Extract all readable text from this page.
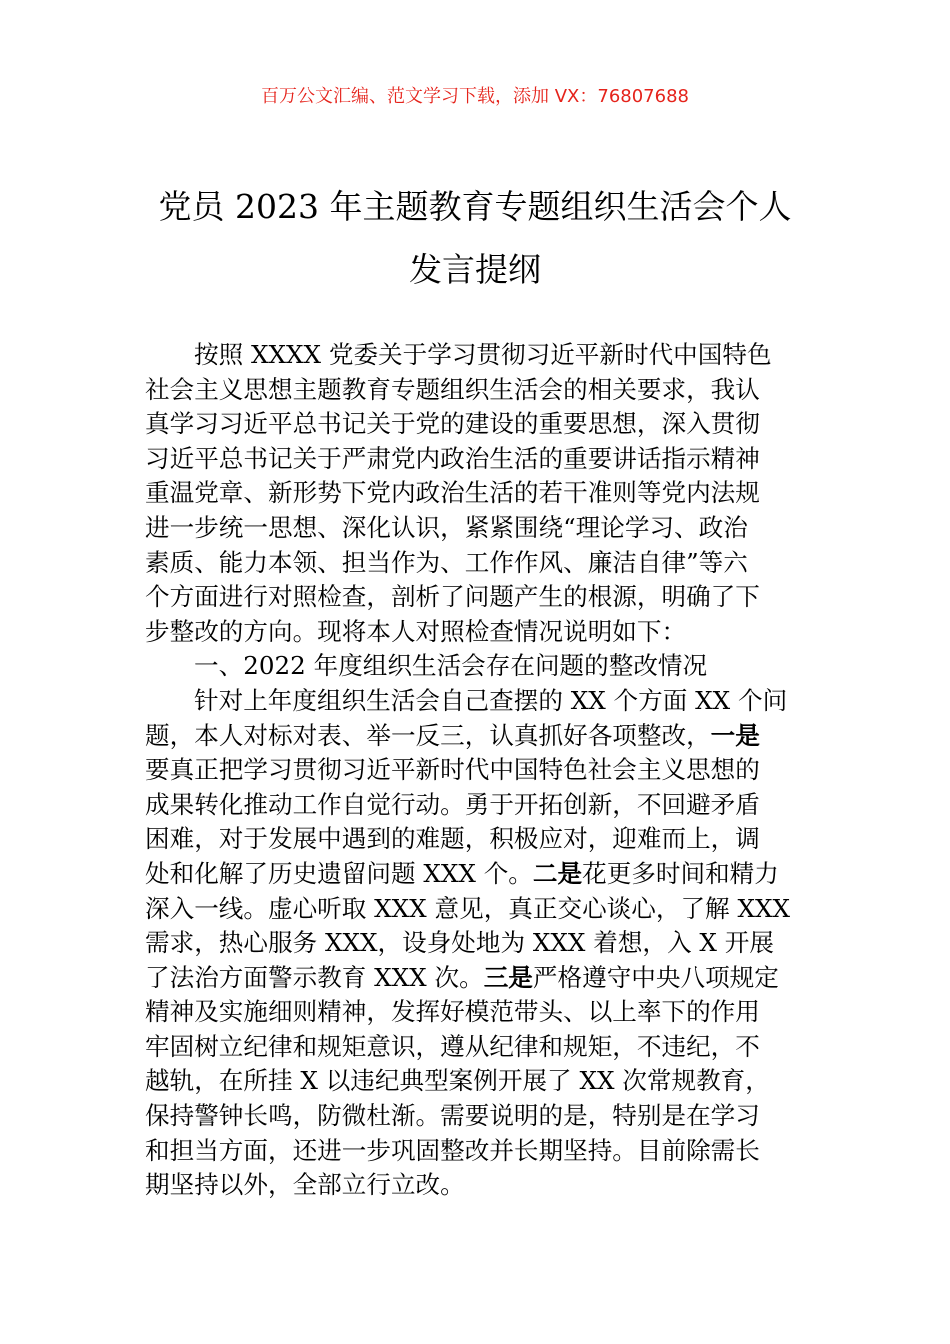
百万公文汇编、范文学习下载，添加 VX：76807688
党员 2023 年主题教育专题组织生活会个人
发言提纲
按照 XXXX 党委关于学习贯彻习近平新时代中国特色
社会主义思想主题教育专题组织生活会的相关要求，我认
真学习习近平总书记关于党的建设的重要思想，深入贯彻
习近平总书记关于严肃党内政治生活的重要讲话指示精神
重温党章、新形势下党内政治生活的若干准则等党内法规
进一步统一思想、深化认识，紧紧围绕“理论学习、政治
素质、能力本领、担当作为、工作作风、廉洁自律”等六
个方面进行对照检查，剖析了问题产生的根源，明确了下
步整改的方向。现将本人对照检查情况说明如下：
一、2022 年度组织生活会存在问题的整改情况
针对上年度组织生活会自己查摆的 XX 个方面 XX 个问
题，本人对标对表、举一反三，认真抓好各项整改，一是
要真正把学习贯彻习近平新时代中国特色社会主义思想的
成果转化推动工作自觉行动。勇于开拓创新，不回避矛盾
困难，对于发展中遇到的难题，积极应对，迎难而上，调
处和化解了历史遗留问题 XXX 个。二是花更多时间和精力
深入一线。虚心听取 XXX 意见，真正交心谈心，了解 XXX
需求，热心服务 XXX，设身处地为 XXX 着想，入 X 开展
了法治方面警示教育 XXX 次。三是严格遵守中央八项规定
精神及实施细则精神，发挥好模范带头、以上率下的作用
牢固树立纪律和规矩意识，遵从纪律和规矩，不违纪，不
越轨，在所挂 X 以违纪典型案例开展了 XX 次常规教育，
保持警钟长鸣，防微杜渐。需要说明的是，特别是在学习
和担当方面，还进一步巩固整改并长期坚持。目前除需长
期坚持以外，全部立行立改。
